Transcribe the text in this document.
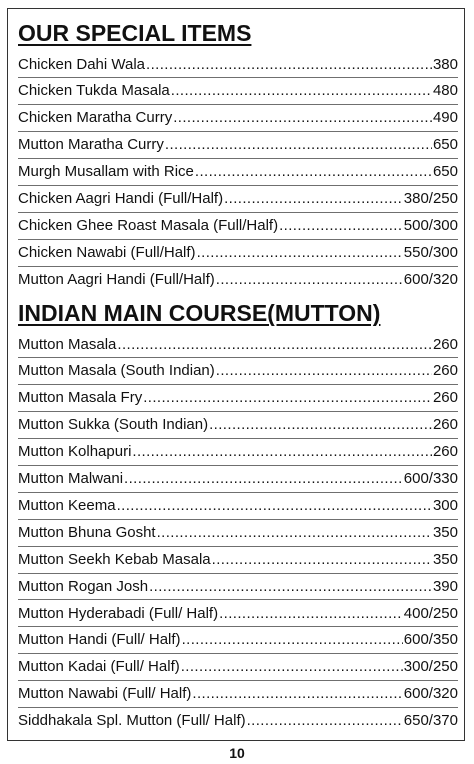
OUR SPECIAL ITEMS
Chicken Dahi Wala .....	380
Chicken Tukda Masala .....	480
Chicken Maratha Curry .....	490
Mutton Maratha Curry .....	650
Murgh Musallam with Rice .....	650
Chicken Aagri Handi (Full/Half) .....	380/250
Chicken Ghee Roast Masala (Full/Half) .....	500/300
Chicken Nawabi (Full/Half) .....	550/300
Mutton Aagri Handi (Full/Half) .....	600/320
INDIAN MAIN COURSE(MUTTON)
Mutton Masala .....	260
Mutton Masala (South Indian) .....	260
Mutton Masala Fry .....	260
Mutton Sukka (South Indian) .....	260
Mutton Kolhapuri .....	260
Mutton Malwani .....	600/330
Mutton Keema .....	300
Mutton Bhuna Gosht .....	350
Mutton Seekh Kebab Masala .....	350
Mutton Rogan Josh .....	390
Mutton Hyderabadi (Full/ Half) .....	400/250
Mutton Handi (Full/ Half) .....	600/350
Mutton Kadai (Full/ Half) .....	300/250
Mutton Nawabi (Full/ Half) .....	600/320
Siddhakala Spl. Mutton (Full/ Half) .....	650/370
10
